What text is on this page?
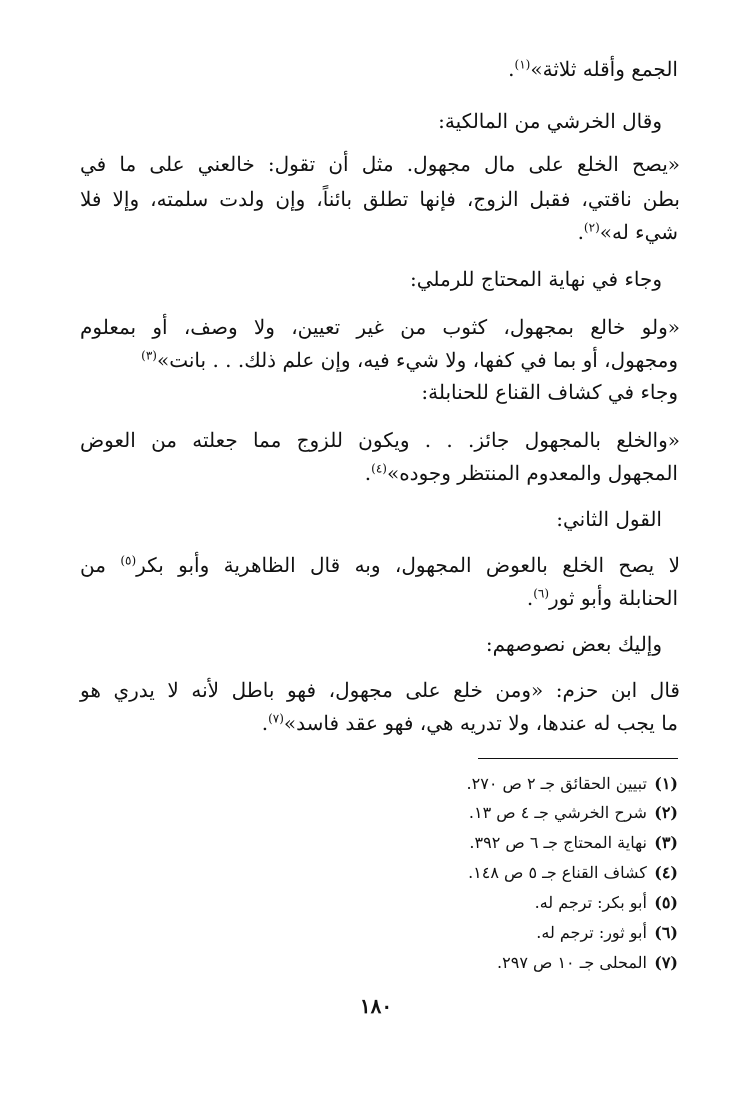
الجمع وأقله ثلاثة»$^{(١)}$.
وقال الخرشي من المالكية:
«يصح الخلع على مال مجهول. مثل أن تقول: خالعني على ما في
بطن ناقتي، فقبل الزوج، فإنها تطلق بائناً، وإن ولدت سلمته، وإلا فلا
شيء له»$^{(٢)}$.
وجاء في نهاية المحتاج للرملي:
«ولو خالع بمجهول، كثوب من غير تعيين، ولا وصف، أو بمعلوم
ومجهول، أو بما في كفها، ولا شيء فيه، وإن علم ذلك. . . بانت»$^{(٣)}$
وجاء في كشاف القناع للحنابلة:
«والخلع بالمجهول جائز. . . ويكون للزوج مما جعلته من العوض
المجهول والمعدوم المنتظر وجوده»$^{(٤)}$.
القول الثاني:
لا يصح الخلع بالعوض المجهول، وبه قال الظاهرية وأبو بكر$^{(٥)}$ من
الحنابلة وأبو ثور$^{(٦)}$.
وإليك بعض نصوصهم:
قال ابن حزم: «ومن خلع على مجهول، فهو باطل لأنه لا يدري هو
ما يجب له عندها، ولا تدريه هي، فهو عقد فاسد»$^{(٧)}$.
(١) تبيين الحقائق جـ ٢ ص ٢٧٠.
(٢) شرح الخرشي جـ ٤ ص ١٣.
(٣) نهاية المحتاج جـ ٦ ص ٣٩٢.
(٤) كشاف القناع جـ ٥ ص ١٤٨.
(٥) أبو بكر: ترجم له.
(٦) أبو ثور: ترجم له.
(٧) المحلى جـ ١٠ ص ٢٩٧.
١٨٠
